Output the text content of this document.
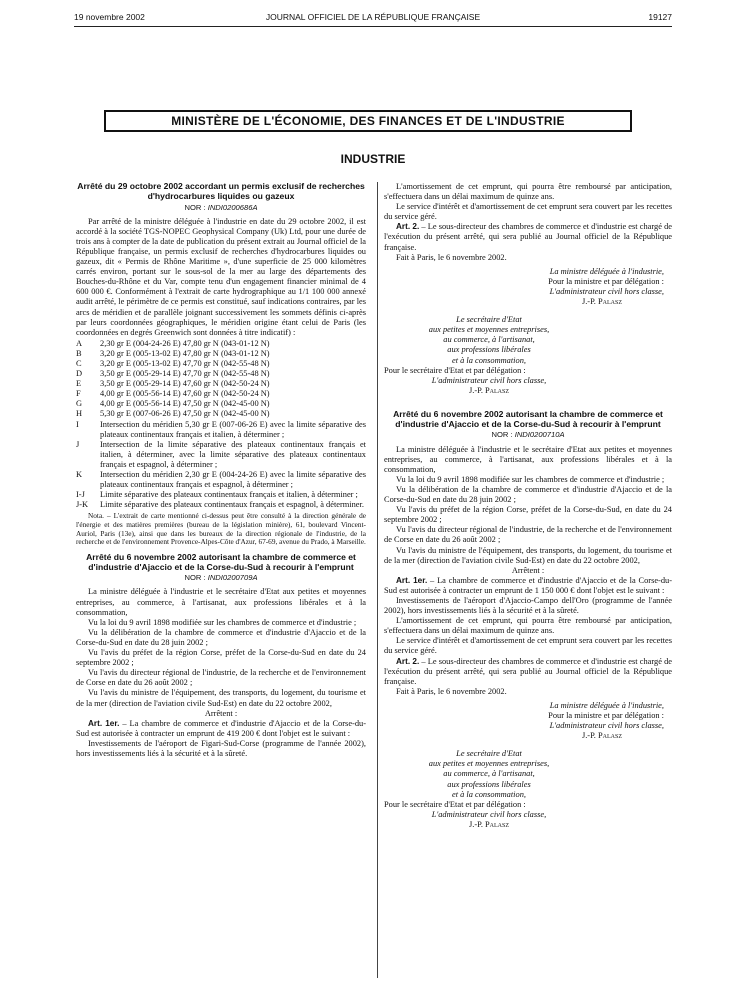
19 novembre 2002	JOURNAL OFFICIEL DE LA RÉPUBLIQUE FRANÇAISE	19127
MINISTÈRE DE L'ÉCONOMIE, DES FINANCES ET DE L'INDUSTRIE
INDUSTRIE
Arrêté du 29 octobre 2002 accordant un permis exclusif de recherches d'hydrocarbures liquides ou gazeux
NOR : INDI0200686A

Par arrêté de la ministre déléguée à l'industrie en date du 29 octobre 2002, il est accordé à la société TGS-NOPEC Geophysical Company (Uk) Ltd, pour une durée de trois ans à compter de la date de publication du présent extrait au Journal officiel de la République française, un permis exclusif de recherches d'hydrocarbures liquides ou gazeux, dit « Permis de Rhône Maritime », d'une superficie de 25 000 kilomètres carrés environ, portant sur le sous-sol de la mer au large des départements des Bouches-du-Rhône et du Var, compte tenu d'un engagement financier minimal de 4 600 000 €. Conformément à l'extrait de carte hydrographique au 1/1 100 000 annexé audit arrêté, le périmètre de ce permis est constitué, sauf indications contraires, par les arcs de méridien et de parallèle joignant successivement les sommets définis ci-après par leurs coordonnées géographiques, le méridien origine étant celui de Paris (les coordonnées en degrés Greenwich sont données à titre indicatif) :

A	2,30 gr E (004-24-26 E) 47,80 gr N (043-01-12 N)
B	3,20 gr E (005-13-02 E) 47,80 gr N (043-01-12 N)
C	3,20 gr E (005-13-02 E) 47,70 gr N (042-55-48 N)
D	3,50 gr E (005-29-14 E) 47,70 gr N (042-55-48 N)
E	3,50 gr E (005-29-14 E) 47,60 gr N (042-50-24 N)
F	4,00 gr E (005-56-14 E) 47,60 gr N (042-50-24 N)
G	4,00 gr E (005-56-14 E) 47,50 gr N (042-45-00 N)
H	5,30 gr E (007-06-26 E) 47,50 gr N (042-45-00 N)
I	Intersection du méridien 5,30 gr E (007-06-26 E) avec la limite séparative des plateaux continentaux français et italien, à déterminer ;
J	Intersection de la limite séparative des plateaux continentaux français et italien, à déterminer, avec la limite séparative des plateaux continentaux français et espagnol, à déterminer ;
K	Intersection du méridien 2,30 gr E (004-24-26 E) avec la limite séparative des plateaux continentaux français et espagnol, à déterminer ;
I-J	Limite séparative des plateaux continentaux français et italien, à déterminer ;
J-K	Limite séparative des plateaux continentaux français et espagnol, à déterminer.

Nota. – L'extrait de carte mentionné ci-dessus peut être consulté à la direction générale de l'énergie et des matières premières (bureau de la législation minière), 61, boulevard Vincent-Auriol, Paris (13e), ainsi que dans les bureaux de la direction régionale de l'industrie, de la recherche et de l'environnement Provence-Alpes-Côte d'Azur, 67-69, avenue du Prado, à Marseille.

Arrêté du 6 novembre 2002 autorisant la chambre de commerce et d'industrie d'Ajaccio et de la Corse-du-Sud à recourir à l'emprunt
NOR : INDI0200709A

La ministre déléguée à l'industrie et le secrétaire d'Etat aux petites et moyennes entreprises, au commerce, à l'artisanat, aux professions libérales et à la consommation,

Vu la loi du 9 avril 1898 modifiée sur les chambres de commerce et d'industrie ;

Vu la délibération de la chambre de commerce et d'industrie d'Ajaccio et de la Corse-du-Sud en date du 28 juin 2002 ;

Vu l'avis du préfet de la région Corse, préfet de la Corse-du-Sud en date du 24 septembre 2002 ;

Vu l'avis du directeur régional de l'industrie, de la recherche et de l'environnement de Corse en date du 26 août 2002 ;

Vu l'avis du ministre de l'équipement, des transports, du logement, du tourisme et de la mer (direction de l'aviation civile Sud-Est) en date du 22 octobre 2002,

Arrêtent :

Art. 1er. – La chambre de commerce et d'industrie d'Ajaccio et de la Corse-du-Sud est autorisée à contracter un emprunt de 419 200 € dont l'objet est le suivant :

Investissements de l'aéroport de Figari-Sud-Corse (programme de l'année 2002), hors investissements liés à la sécurité et à la sûreté.

L'amortissement de cet emprunt, qui pourra être remboursé par anticipation, s'effectuera dans un délai maximum de quinze ans.

Le service d'intérêt et d'amortissement de cet emprunt sera couvert par les recettes du service géré.

Art. 2. – Le sous-directeur des chambres de commerce et d'industrie est chargé de l'exécution du présent arrêté, qui sera publié au Journal officiel de la République française.

Fait à Paris, le 6 novembre 2002.

La ministre déléguée à l'industrie,
Pour la ministre et par délégation :
L'administrateur civil hors classe,
J.-P. Palasz
Le secrétaire d'Etat
aux petites et moyennes entreprises,
au commerce, à l'artisanat,
aux professions libérales
et à la consommation,
Pour le secrétaire d'Etat et par délégation :
L'administrateur civil hors classe,
J.-P. Palasz
Arrêté du 6 novembre 2002 autorisant la chambre de commerce et d'industrie d'Ajaccio et de la Corse-du-Sud à recourir à l'emprunt
NOR : INDI0200710A

La ministre déléguée à l'industrie et le secrétaire d'Etat aux petites et moyennes entreprises, au commerce, à l'artisanat, aux professions libérales et à la consommation,

Vu la loi du 9 avril 1898 modifiée sur les chambres de commerce et d'industrie ;

Vu la délibération de la chambre de commerce et d'industrie d'Ajaccio et de la Corse-du-Sud en date du 28 juin 2002 ;

Vu l'avis du préfet de la région Corse, préfet de la Corse-du-Sud, en date du 24 septembre 2002 ;

Vu l'avis du directeur régional de l'industrie, de la recherche et de l'environnement de Corse en date du 26 août 2002 ;

Vu l'avis du ministre de l'équipement, des transports, du logement, du tourisme et de la mer (direction de l'aviation civile Sud-Est) en date du 22 octobre 2002,

Arrêtent :

Art. 1er. – La chambre de commerce et d'industrie d'Ajaccio et de la Corse-du-Sud est autorisée à contracter un emprunt de 1 150 000 € dont l'objet est le suivant :

Investissements de l'aéroport d'Ajaccio-Campo dell'Oro (programme de l'année 2002), hors investissements liés à la sécurité et à la sûreté.

L'amortissement de cet emprunt, qui pourra être remboursé par anticipation, s'effectuera dans un délai maximum de quinze ans.

Le service d'intérêt et d'amortissement de cet emprunt sera couvert par les recettes du service géré.

Art. 2. – Le sous-directeur des chambres de commerce et d'industrie est chargé de l'exécution du présent arrêté, qui sera publié au Journal officiel de la République française.

Fait à Paris, le 6 novembre 2002.

La ministre déléguée à l'industrie,
Pour la ministre et par délégation :
L'administrateur civil hors classe,
J.-P. Palasz
Le secrétaire d'Etat
aux petites et moyennes entreprises,
au commerce, à l'artisanat,
aux professions libérales
et à la consommation,
Pour le secrétaire d'Etat et par délégation :
L'administrateur civil hors classe,
J.-P. Palasz
